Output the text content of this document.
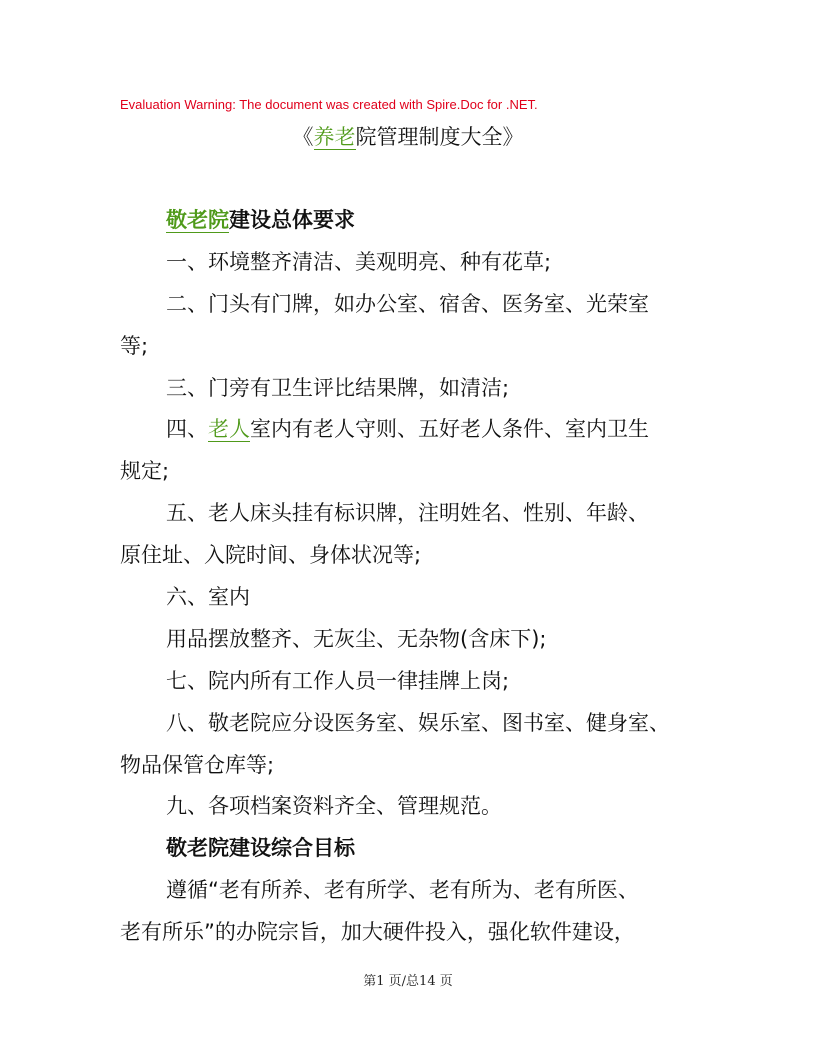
Evaluation Warning: The document was created with Spire.Doc for .NET.
《养老院管理制度大全》
敬老院建设总体要求
一、环境整齐清洁、美观明亮、种有花草;
二、门头有门牌，如办公室、宿舍、医务室、光荣室
等;
三、门旁有卫生评比结果牌，如清洁;
四、老人室内有老人守则、五好老人条件、室内卫生
规定;
五、老人床头挂有标识牌，注明姓名、性别、年龄、
原住址、入院时间、身体状况等;
六、室内
用品摆放整齐、无灰尘、无杂物(含床下);
七、院内所有工作人员一律挂牌上岗;
八、敬老院应分设医务室、娱乐室、图书室、健身室、
物品保管仓库等;
九、各项档案资料齐全、管理规范。
敬老院建设综合目标
遵循“老有所养、老有所学、老有所为、老有所医、
老有所乐”的办院宗旨，加大硬件投入，强化软件建设，
第1 页/总14 页
